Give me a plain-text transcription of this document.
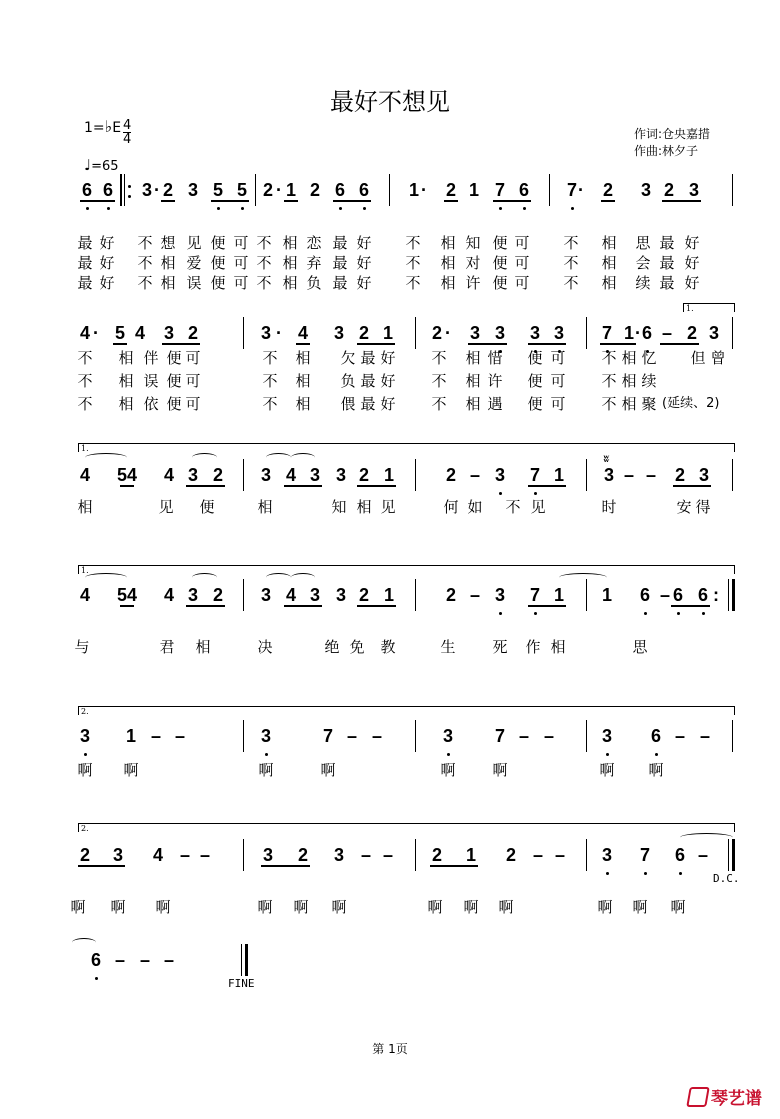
最好不想见
1=♭E $\frac{4}{4}$
♩=65
作词:仓央嘉措
作曲:林夕子
6 6 3 · 2 3 5 5 2 · 1 2 6 6 1 · 2 1 7 6 7 · 2 3 2 3
最 好 不 想 见 便 可 不 相 恋 最 好 不 相 知 便 可 不 相 思 最 好
最 好 不 相 爱 便 可 不 相 弃 最 好 不 相 对 便 可 不 相 会 最 好
最 好 不 相 误 便 可 不 相 负 最 好 不 相 许 便 可 不 相 续 最 好
4 · 5 4 3 2	3 · 4 3 2 1 2 · 3 3 3 3 7 1 · 6 – 2 3
1.
不 相 伴 便 可	不 相 欠 最 好 不 相 惜 便 可 不 相 忆 但 曾
不 相 误 便 可	不 相 负 最 好 不 相 许 便 可 不 相 续
不 相 依 便 可	不 相 偎 最 好 不 相 遇 便 可 不 相 聚 (延续、2)
4 54 4 3 2 3 4 3 3 2 1	2 – 3 7 1 3 – – 2 3
1.
ʬ
相	见 便	相	知 相 见	何 如 不 见	时	安 得
4 54 4 3 2 3 4 3 3 2 1	2 – 3 7 1 1 6 – 6 6 :
1.
与	君 相	决	绝 免 教	生 死 作 相	思
3 1 – –	3	7 – –	3 7 – –	3 6 – –
2.
啊 啊	啊	啊	啊 啊	啊 啊
2 3 4 – –	3 2 3 – – 2 1 2 – – 3 7 6 –
2.
啊 啊 啊	啊 啊 啊	啊 啊 啊	啊 啊 啊
D.C.
6 – – –
FINE
第 1页
琴艺谱
